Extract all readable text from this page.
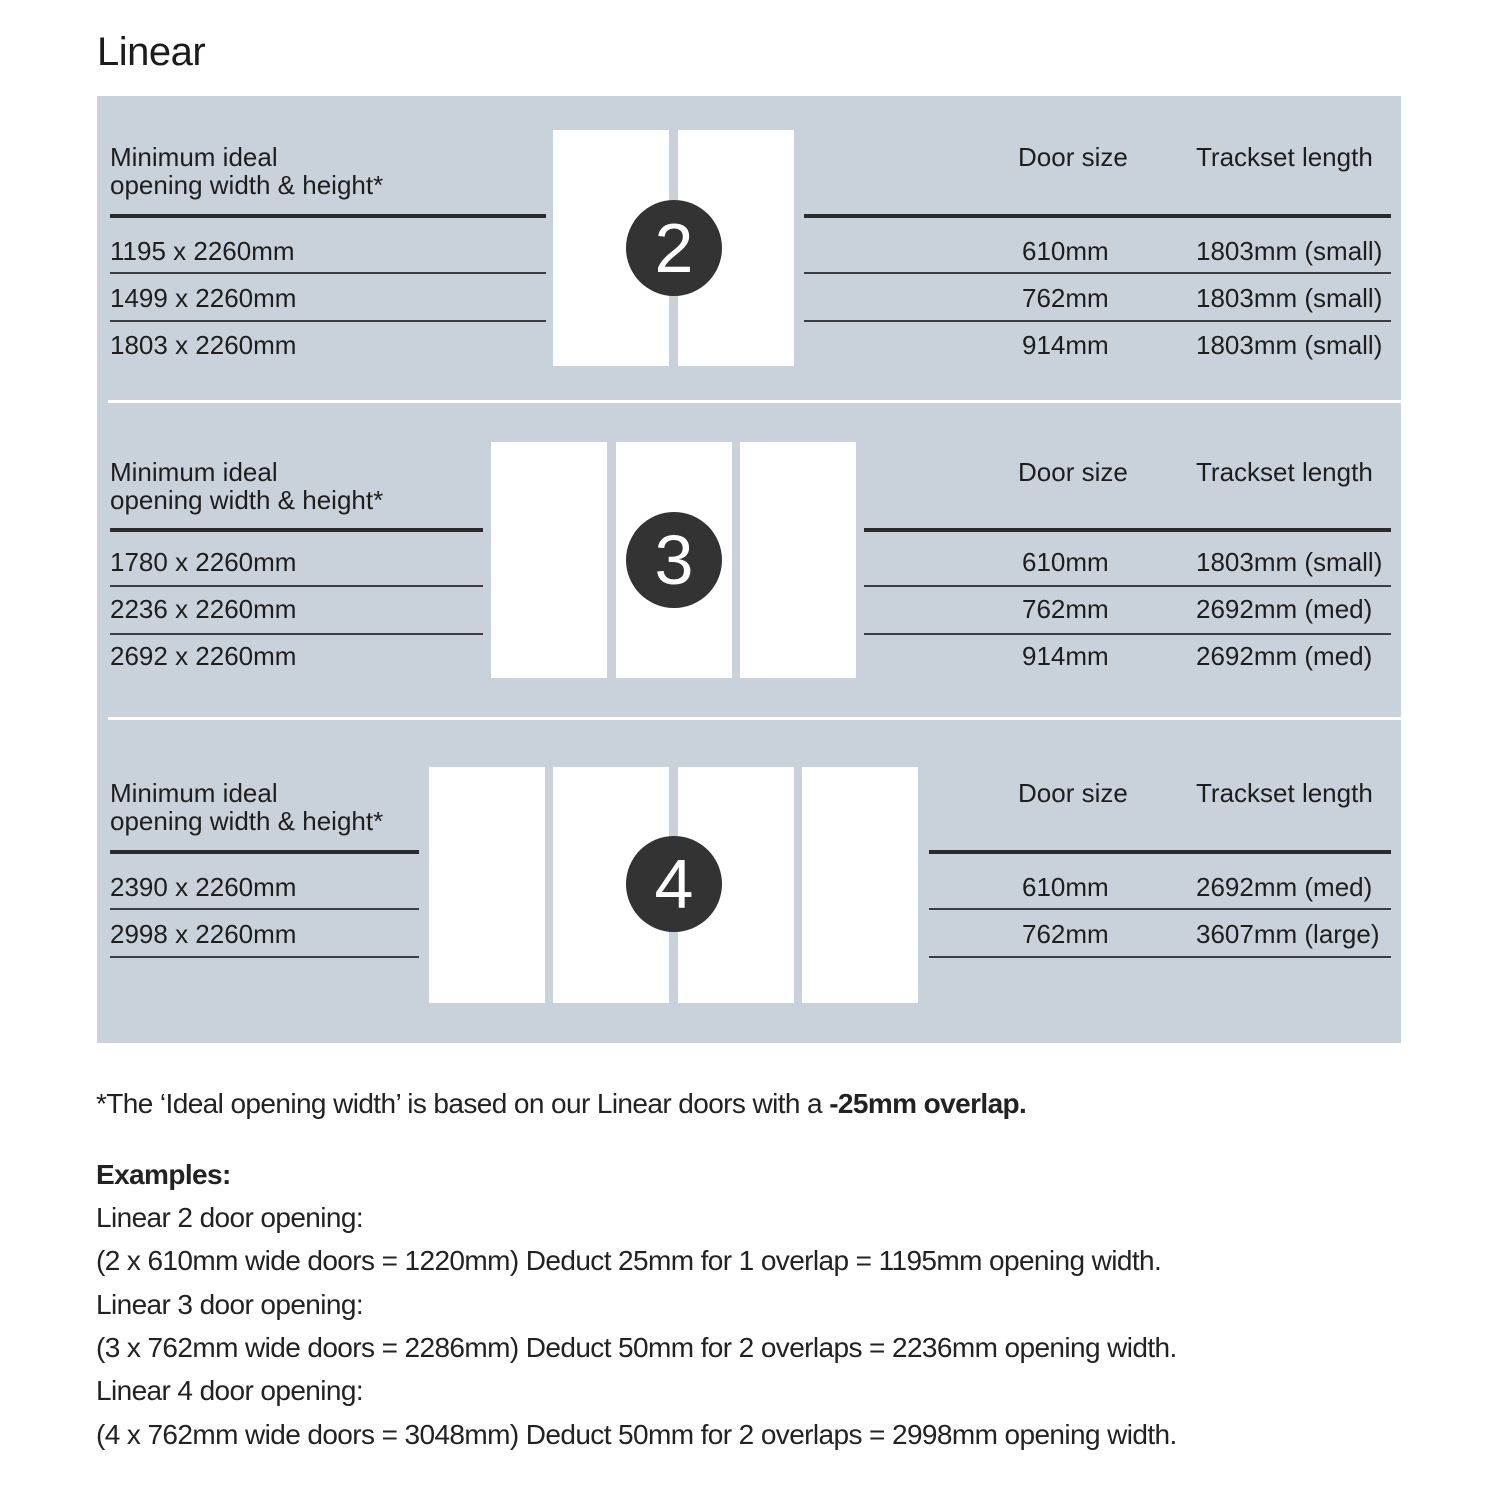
Linear
2
Minimum ideal
opening width & height*
Door size	Trackset length
1195 x 2260mm	610mm	1803mm (small)
1499 x 2260mm	762mm	1803mm (small)
1803 x 2260mm	914mm	1803mm (small)
3
Minimum ideal
opening width & height*
Door size	Trackset length
1780 x 2260mm	610mm	1803mm (small)
2236 x 2260mm	762mm	2692mm (med)
2692 x 2260mm	914mm	2692mm (med)
4
Minimum ideal
opening width & height*
Door size	Trackset length
2390 x 2260mm	610mm	2692mm (med)
2998 x 2260mm	762mm	3607mm (large)
*The ‘Ideal opening width’ is based on our Linear doors with a -25mm overlap.
Examples:
Linear 2 door opening:
(2 x 610mm wide doors = 1220mm) Deduct 25mm for 1 overlap = 1195mm opening width.
Linear 3 door opening:
(3 x 762mm wide doors = 2286mm) Deduct 50mm for 2 overlaps = 2236mm opening width.
Linear 4 door opening:
(4 x 762mm wide doors = 3048mm) Deduct 50mm for 2 overlaps = 2998mm opening width.
